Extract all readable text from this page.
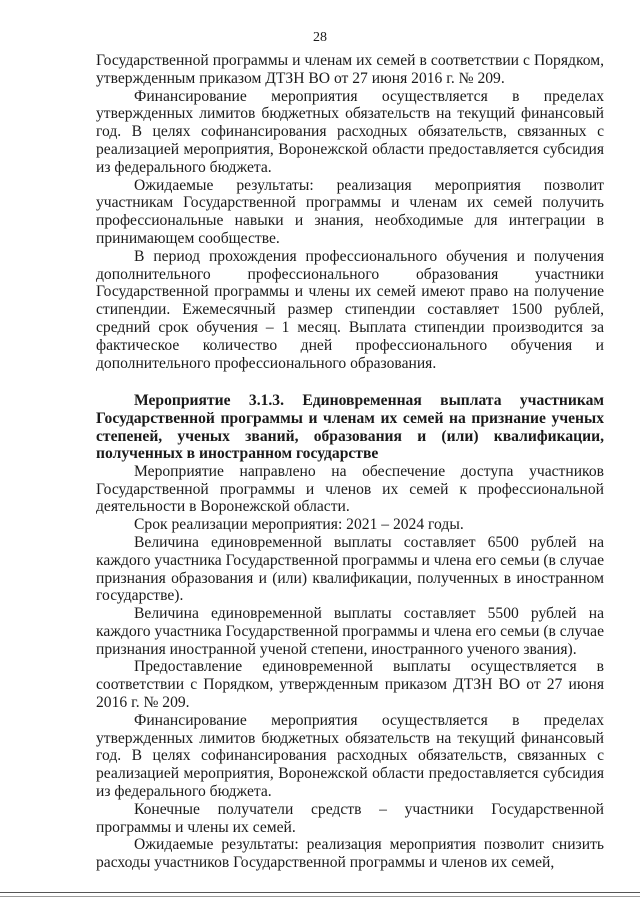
28

Государственной программы и членам их семей в соответствии с Порядком, утвержденным приказом ДТЗН ВО от 27 июня 2016 г. № 209.

Финансирование мероприятия осуществляется в пределах утвержденных лимитов бюджетных обязательств на текущий финансовый год. В целях софинансирования расходных обязательств, связанных с реализацией мероприятия, Воронежской области предоставляется субсидия из федерального бюджета.

Ожидаемые результаты: реализация мероприятия позволит участникам Государственной программы и членам их семей получить профессиональные навыки и знания, необходимые для интеграции в принимающем сообществе.

В период прохождения профессионального обучения и получения дополнительного профессионального образования участники Государственной программы и члены их семей имеют право на получение стипендии. Ежемесячный размер стипендии составляет 1500 рублей, средний срок обучения – 1 месяц. Выплата стипендии производится за фактическое количество дней профессионального обучения и дополнительного профессионального образования.

Мероприятие 3.1.3. Единовременная выплата участникам Государственной программы и членам их семей на признание ученых степеней, ученых званий, образования и (или) квалификации, полученных в иностранном государстве

Мероприятие направлено на обеспечение доступа участников Государственной программы и членов их семей к профессиональной деятельности в Воронежской области.

Срок реализации мероприятия: 2021 – 2024 годы.

Величина единовременной выплаты составляет 6500 рублей на каждого участника Государственной программы и члена его семьи (в случае признания образования и (или) квалификации, полученных в иностранном государстве).

Величина единовременной выплаты составляет 5500 рублей на каждого участника Государственной программы и члена его семьи (в случае признания иностранной ученой степени, иностранного ученого звания).

Предоставление единовременной выплаты осуществляется в соответствии с Порядком, утвержденным приказом ДТЗН ВО от 27 июня 2016 г. № 209.

Финансирование мероприятия осуществляется в пределах утвержденных лимитов бюджетных обязательств на текущий финансовый год. В целях софинансирования расходных обязательств, связанных с реализацией мероприятия, Воронежской области предоставляется субсидия из федерального бюджета.

Конечные получатели средств – участники Государственной программы и члены их семей.

Ожидаемые результаты: реализация мероприятия позволит снизить расходы участников Государственной программы и членов их семей,
